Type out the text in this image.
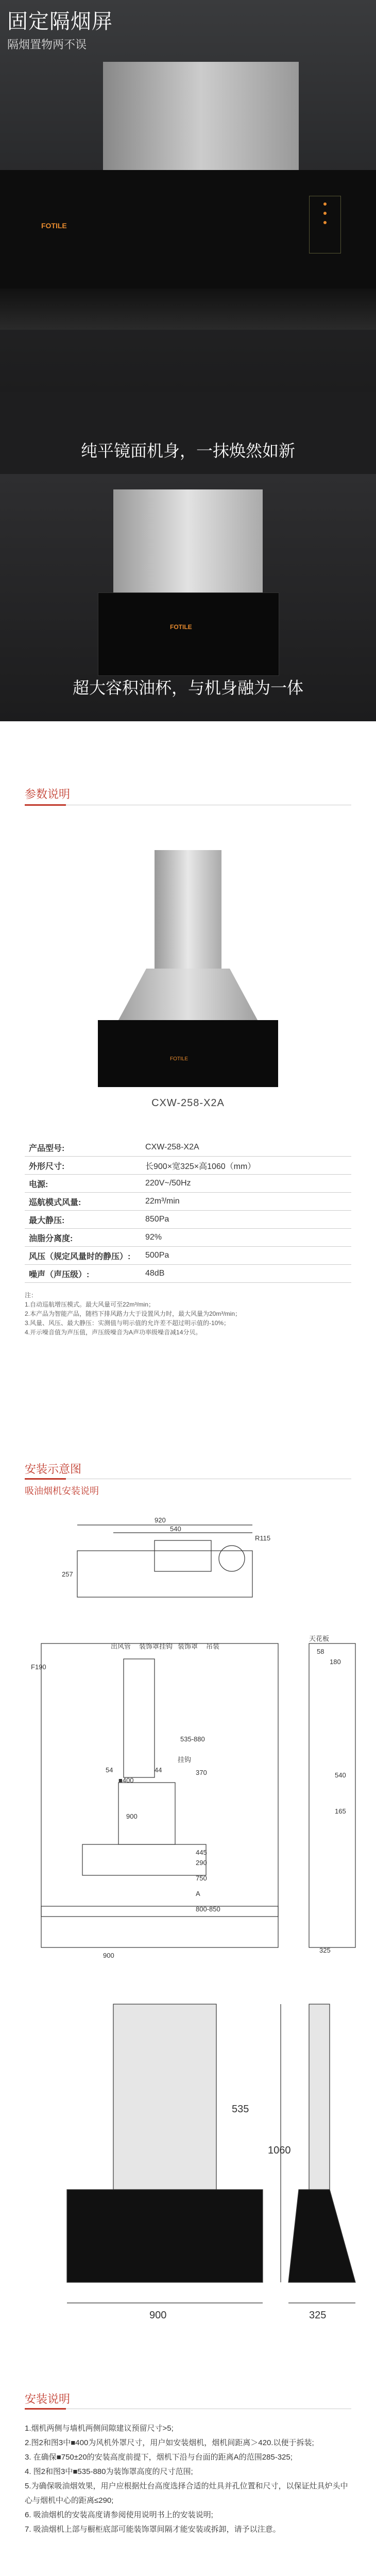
固定隔烟屏
隔烟置物两不误
FOTILE
纯平镜面机身，一抹焕然如新
FOTILE
超大容积油杯，与机身融为一体
参数说明
FOTILE
CXW-258-X2A
产品型号:	CXW-258-X2A
外形尺寸:	长900×宽325×高1060（mm）
电源:	220V~/50Hz
巡航模式风量:	22m³/min
最大静压:	850Pa
油脂分离度:	92%
风压（规定风量时的静压）:	500Pa
噪声（声压级）:	48dB
注：
1.自动巡航增压模式。最大风量可至22m³/min；
2.本产品为智能产品，随档下排风路力大于设置风力时，最大风量为20m³/min；
3.风量、风压、最大静压：实测值与明示值的允许差不超过明示值的-10%；
4.开示噪音值为声压值，声压级噪音为A声功率级噪音减14分贝。
安装示意图
吸油烟机安装说明
920
540
R115
257
出风管 装饰罩挂钩 装饰罩 吊装
挂钩
天花板
■400
535-880
54	44	370
900
445
290
750
A
800-850
58
540
325
165
F190
180
900
535
1060
900	325
安装说明
1.烟机两侧与墙机两侧间隙建议预留尺寸>5;
2.图2和图3中■400为风机外罩尺寸，用户如安装烟机，烟机间距离＞420.以便于拆装;
3. 在确保■750±20的安装高度前提下，烟机下沿与台面的距离A的范围285-325;
4. 图2和图3中■535-880为装饰罩高度的尺寸范围;
5.为确保吸油烟效果，用户应根据灶台高度选择合适的灶具并孔位置和尺寸，以保证灶具炉头中心与烟机中心的距离≤290;
6. 吸油烟机的安装高度请参阅使用说明书上的安装说明;
7. 吸油烟机上部与橱柜底部可能装饰罩间隔才能安装或拆卸，请予以注意。
